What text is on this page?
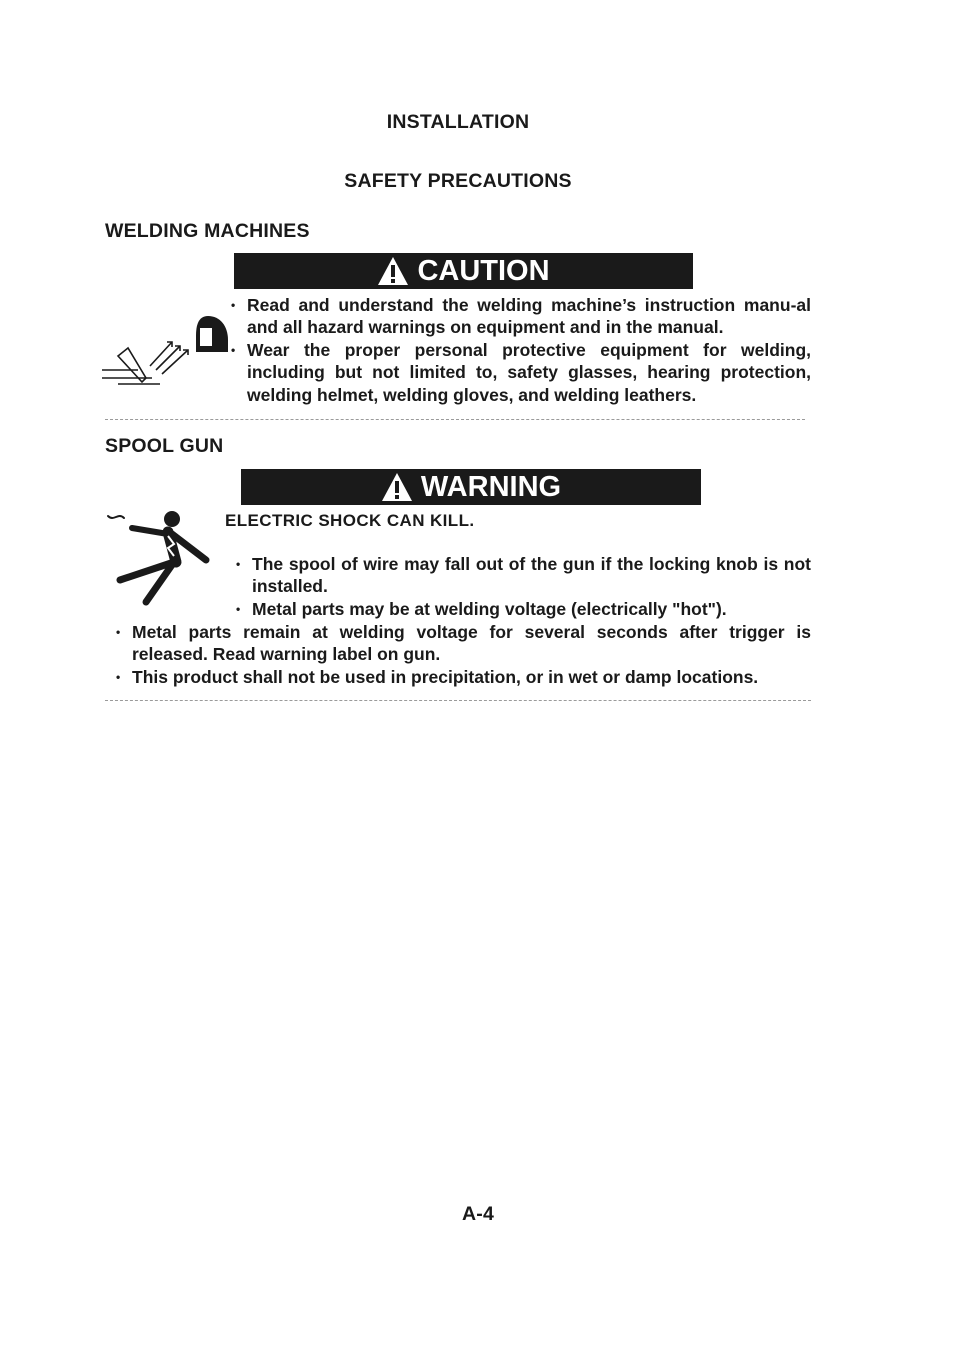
INSTALLATION
SAFETY PRECAUTIONS
WELDING MACHINES
CAUTION
• Read and understand the welding machine’s instruction manu-al and all hazard warnings on equipment and in the manual.
• Wear the proper personal protective equipment for welding, including but not limited to, safety glasses, hearing protection, welding helmet, welding gloves, and welding leathers.
SPOOL GUN
WARNING
ELECTRIC SHOCK CAN KILL.
• The spool of wire may fall out of the gun if the locking knob is not installed.
• Metal parts may be at welding voltage (electrically "hot").
• Metal parts remain at welding voltage for several seconds after trigger is released. Read warning label on gun.
• This product shall not be used in precipitation, or in wet or damp locations.
A-4
